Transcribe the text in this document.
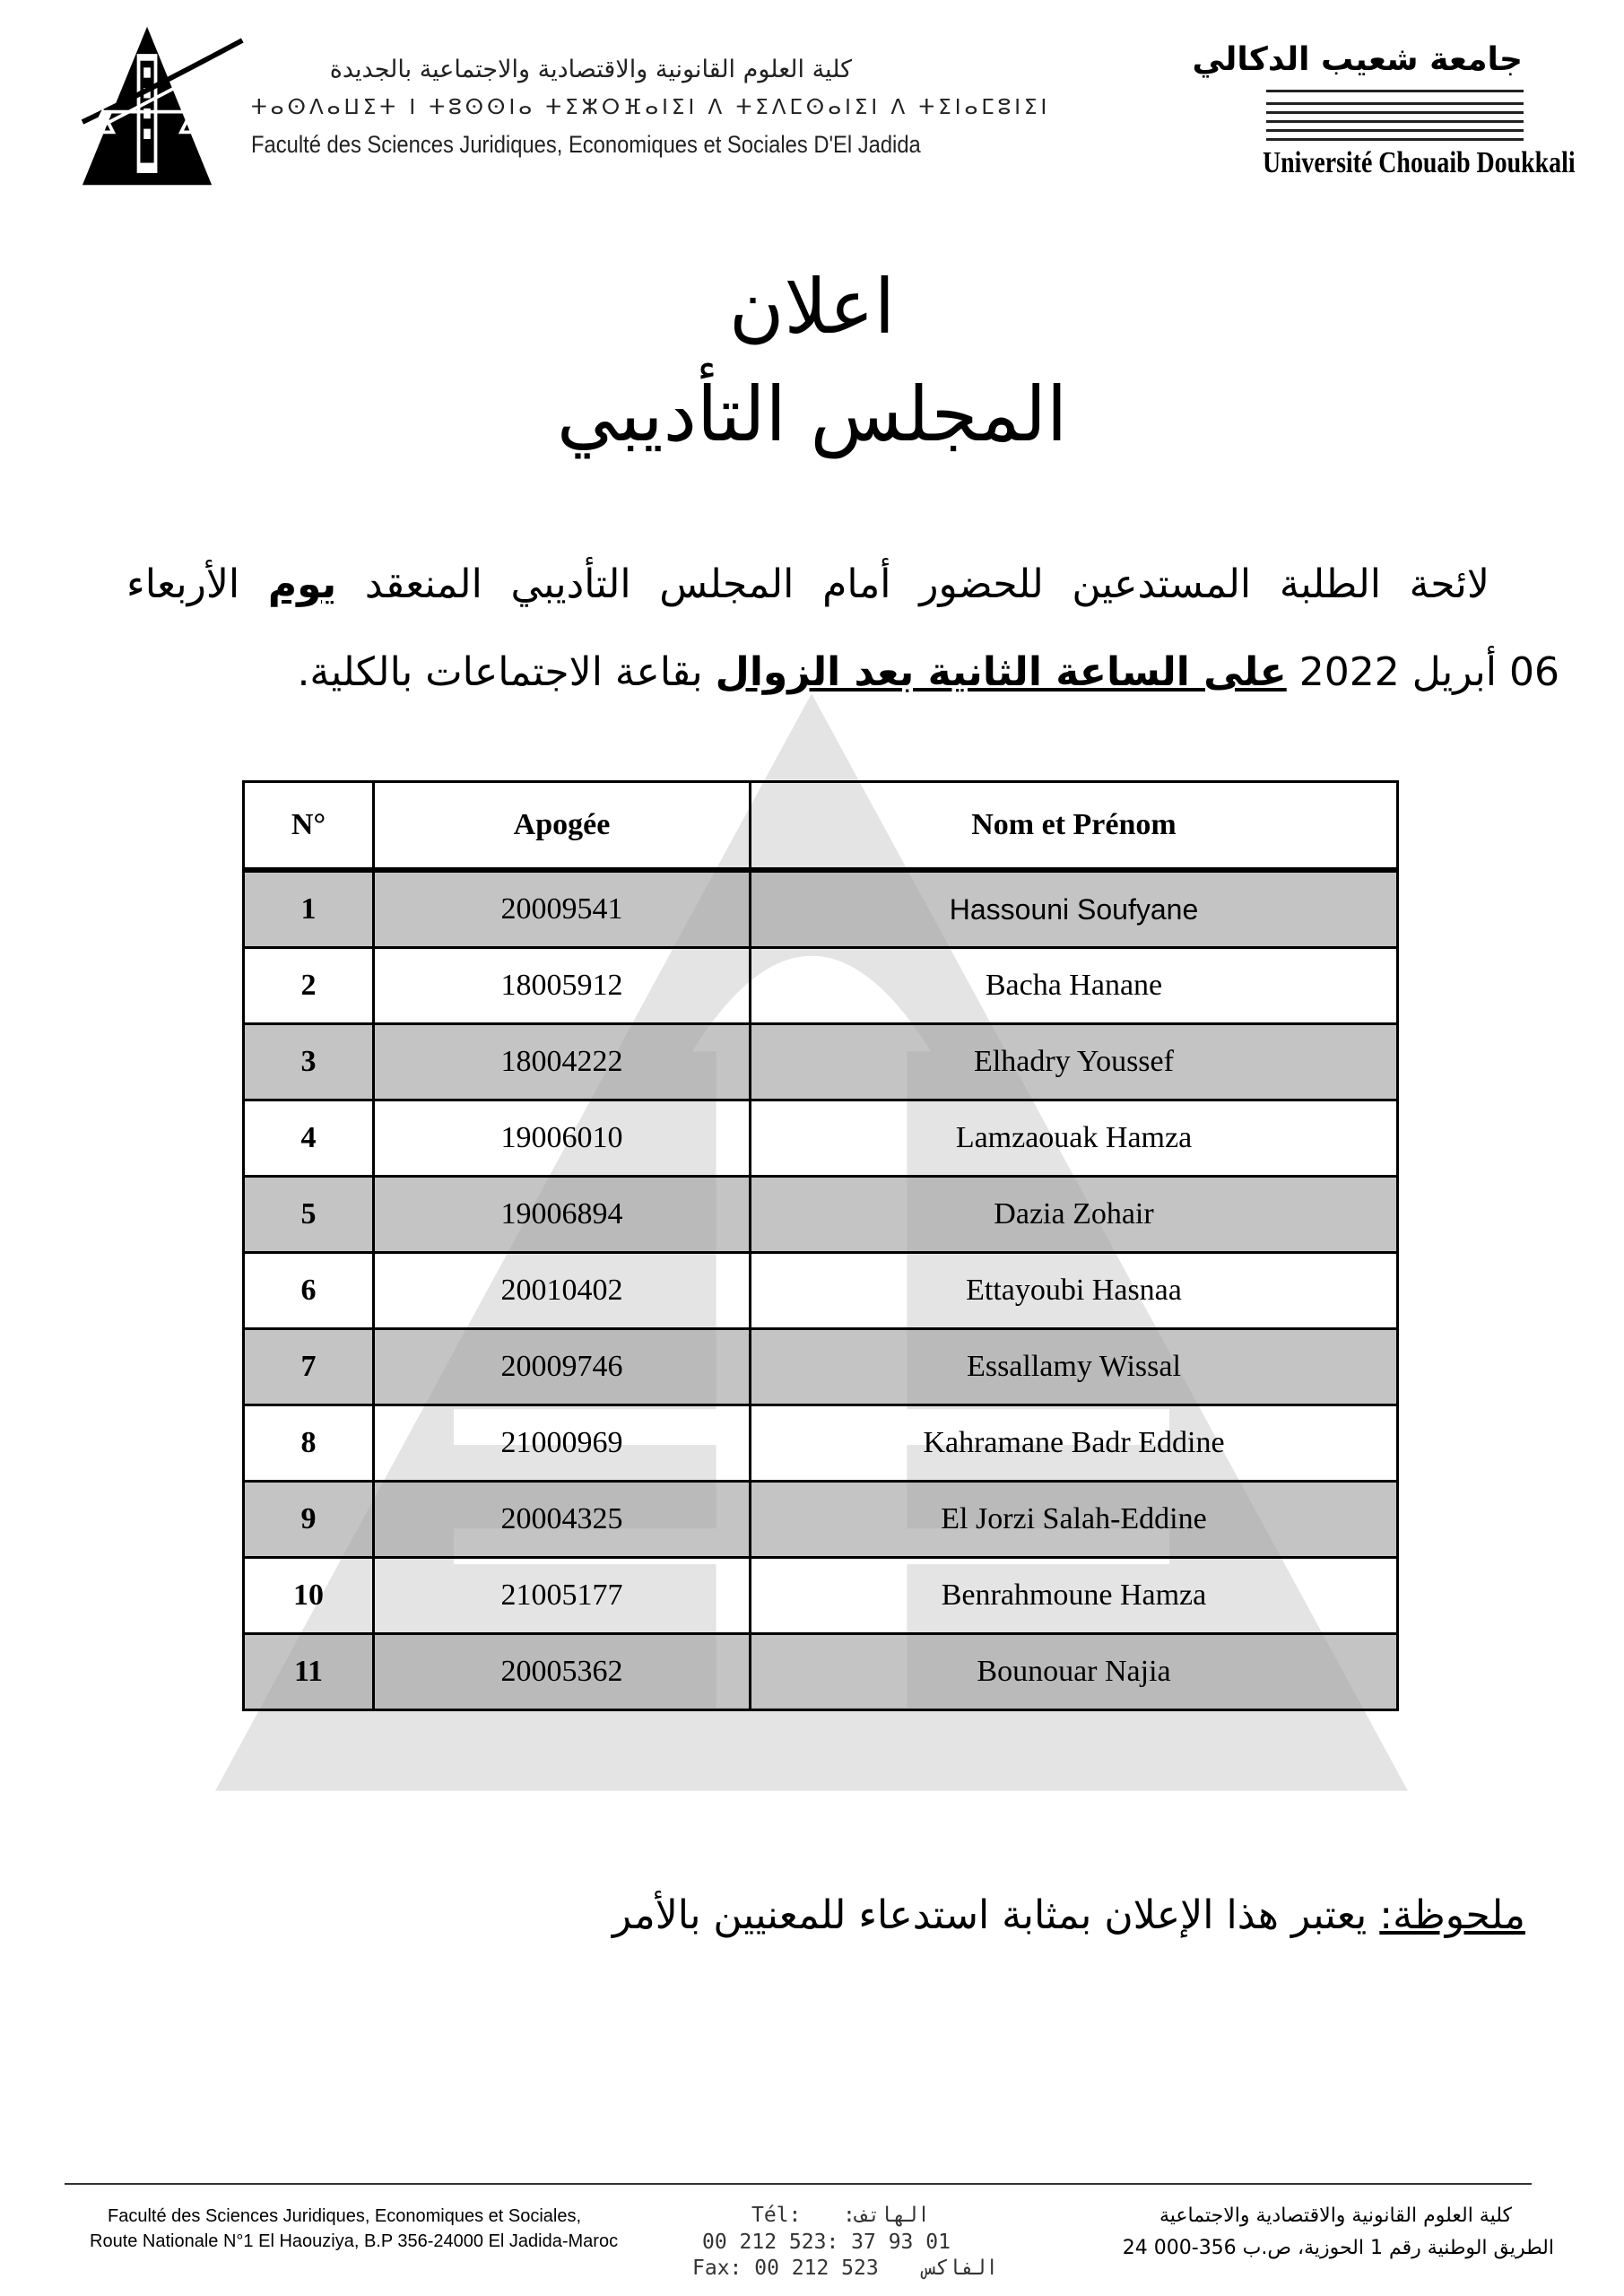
كلية العلوم القانونية والاقتصادية والاجتماعية بالجديدة
ⵜⴰⵙⴷⴰⵡⵉⵜ ⵏ ⵜⵓⵙⵙⵏⴰ ⵜⵉⵣⵔⴼⴰⵏⵉⵏ ⴷ ⵜⵉⴷⵎⵙⴰⵏⵉⵏ ⴷ ⵜⵉⵏⴰⵎⵓⵏⵉⵏ
Faculté des Sciences Juridiques, Economiques et Sociales D'El Jadida
جامعة شعيب الدكالي
Université Chouaib Doukkali
اعلان
المجلس التأديبي
لائحة الطلبة المستدعين للحضور أمام المجلس التأديبي المنعقد يوم الأربعاء
06 أبريل 2022 على الساعة الثانية بعد الزوال بقاعة الاجتماعات بالكلية.
N°	Apogée	Nom et Prénom
1	20009541	Hassouni Soufyane
2	18005912	Bacha Hanane
3	18004222	Elhadry Youssef
4	19006010	Lamzaouak Hamza
5	19006894	Dazia Zohair
6	20010402	Ettayoubi Hasnaa
7	20009746	Essallamy Wissal
8	21000969	Kahramane Badr Eddine
9	20004325	El Jorzi Salah-Eddine
10	21005177	Benrahmoune Hamza
11	20005362	Bounouar Najia
ملحوظة: يعتبر هذا الإعلان بمثابة استدعاء للمعنيين بالأمر
Faculté des Sciences Juridiques, Economiques et Sociales,
Route Nationale N°1 El Haouziya, B.P 356-24000 El Jadida-Maroc
Tél: الهاتف:
00 212 523: 37 93 01
Fax: 00 212 523 الفاكس
كلية العلوم القانونية والاقتصادية والاجتماعية
الطريق الوطنية رقم 1 الحوزية، ص.ب 356-000 24
